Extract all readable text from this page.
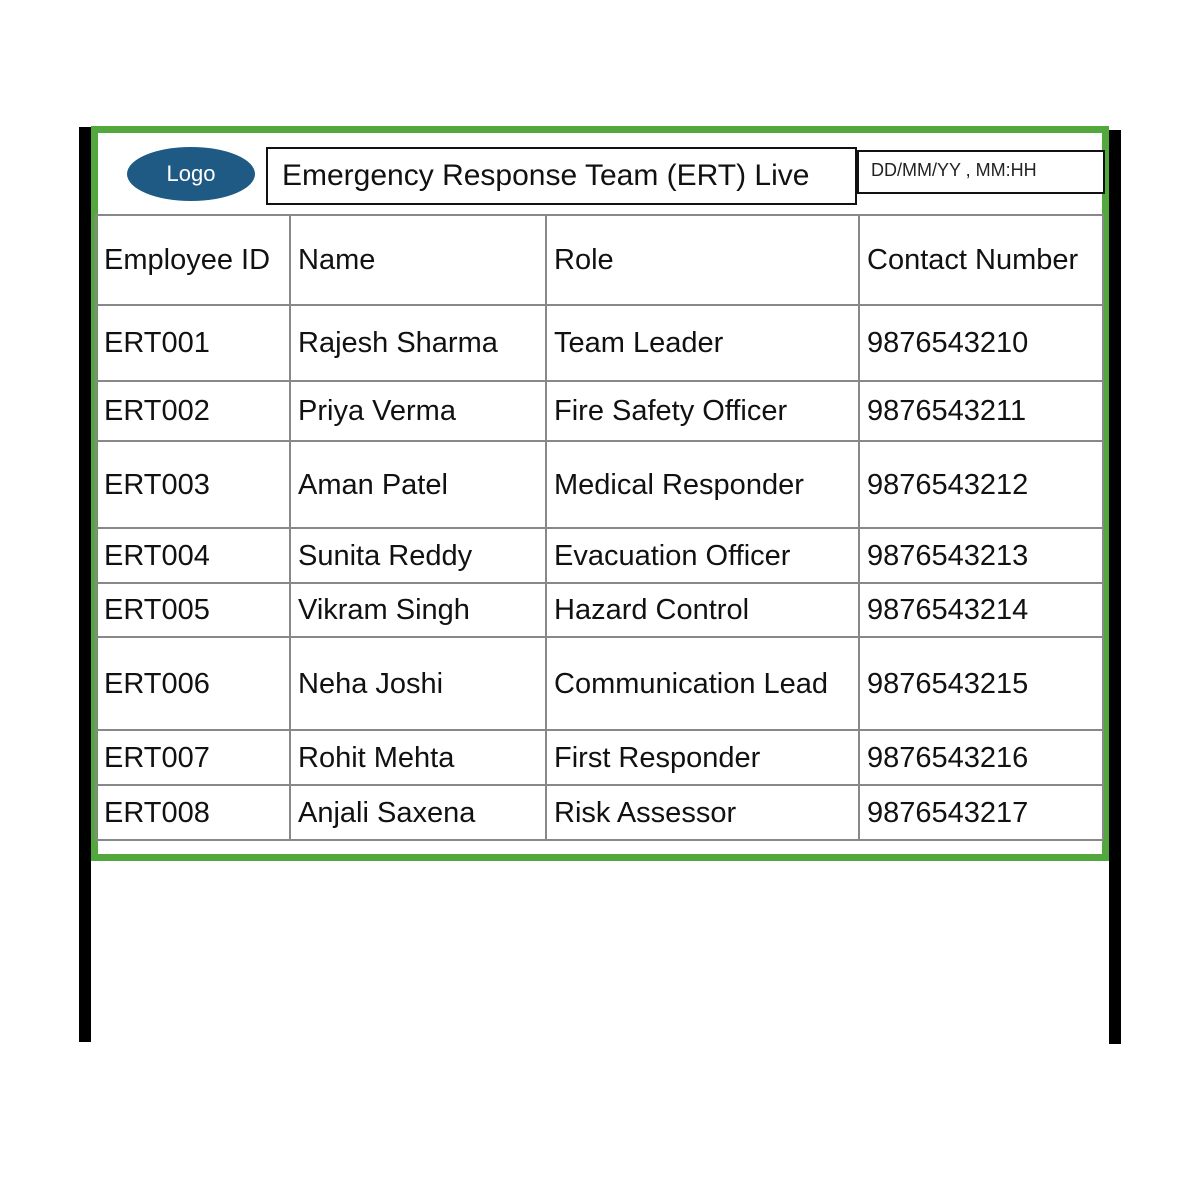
Logo Emergency Response Team (ERT) Live	DD/MM/YY , MM:HH
Employee ID	Name	Role	Contact Number
ERT001	Rajesh Sharma	Team Leader	9876543210
ERT002	Priya Verma	Fire Safety Officer	9876543211
ERT003	Aman Patel	Medical Responder	9876543212
ERT004	Sunita Reddy	Evacuation Officer	9876543213
ERT005	Vikram Singh	Hazard Control	9876543214
ERT006	Neha Joshi	Communication Lead	9876543215
ERT007	Rohit Mehta	First Responder	9876543216
ERT008	Anjali Saxena	Risk Assessor	9876543217
